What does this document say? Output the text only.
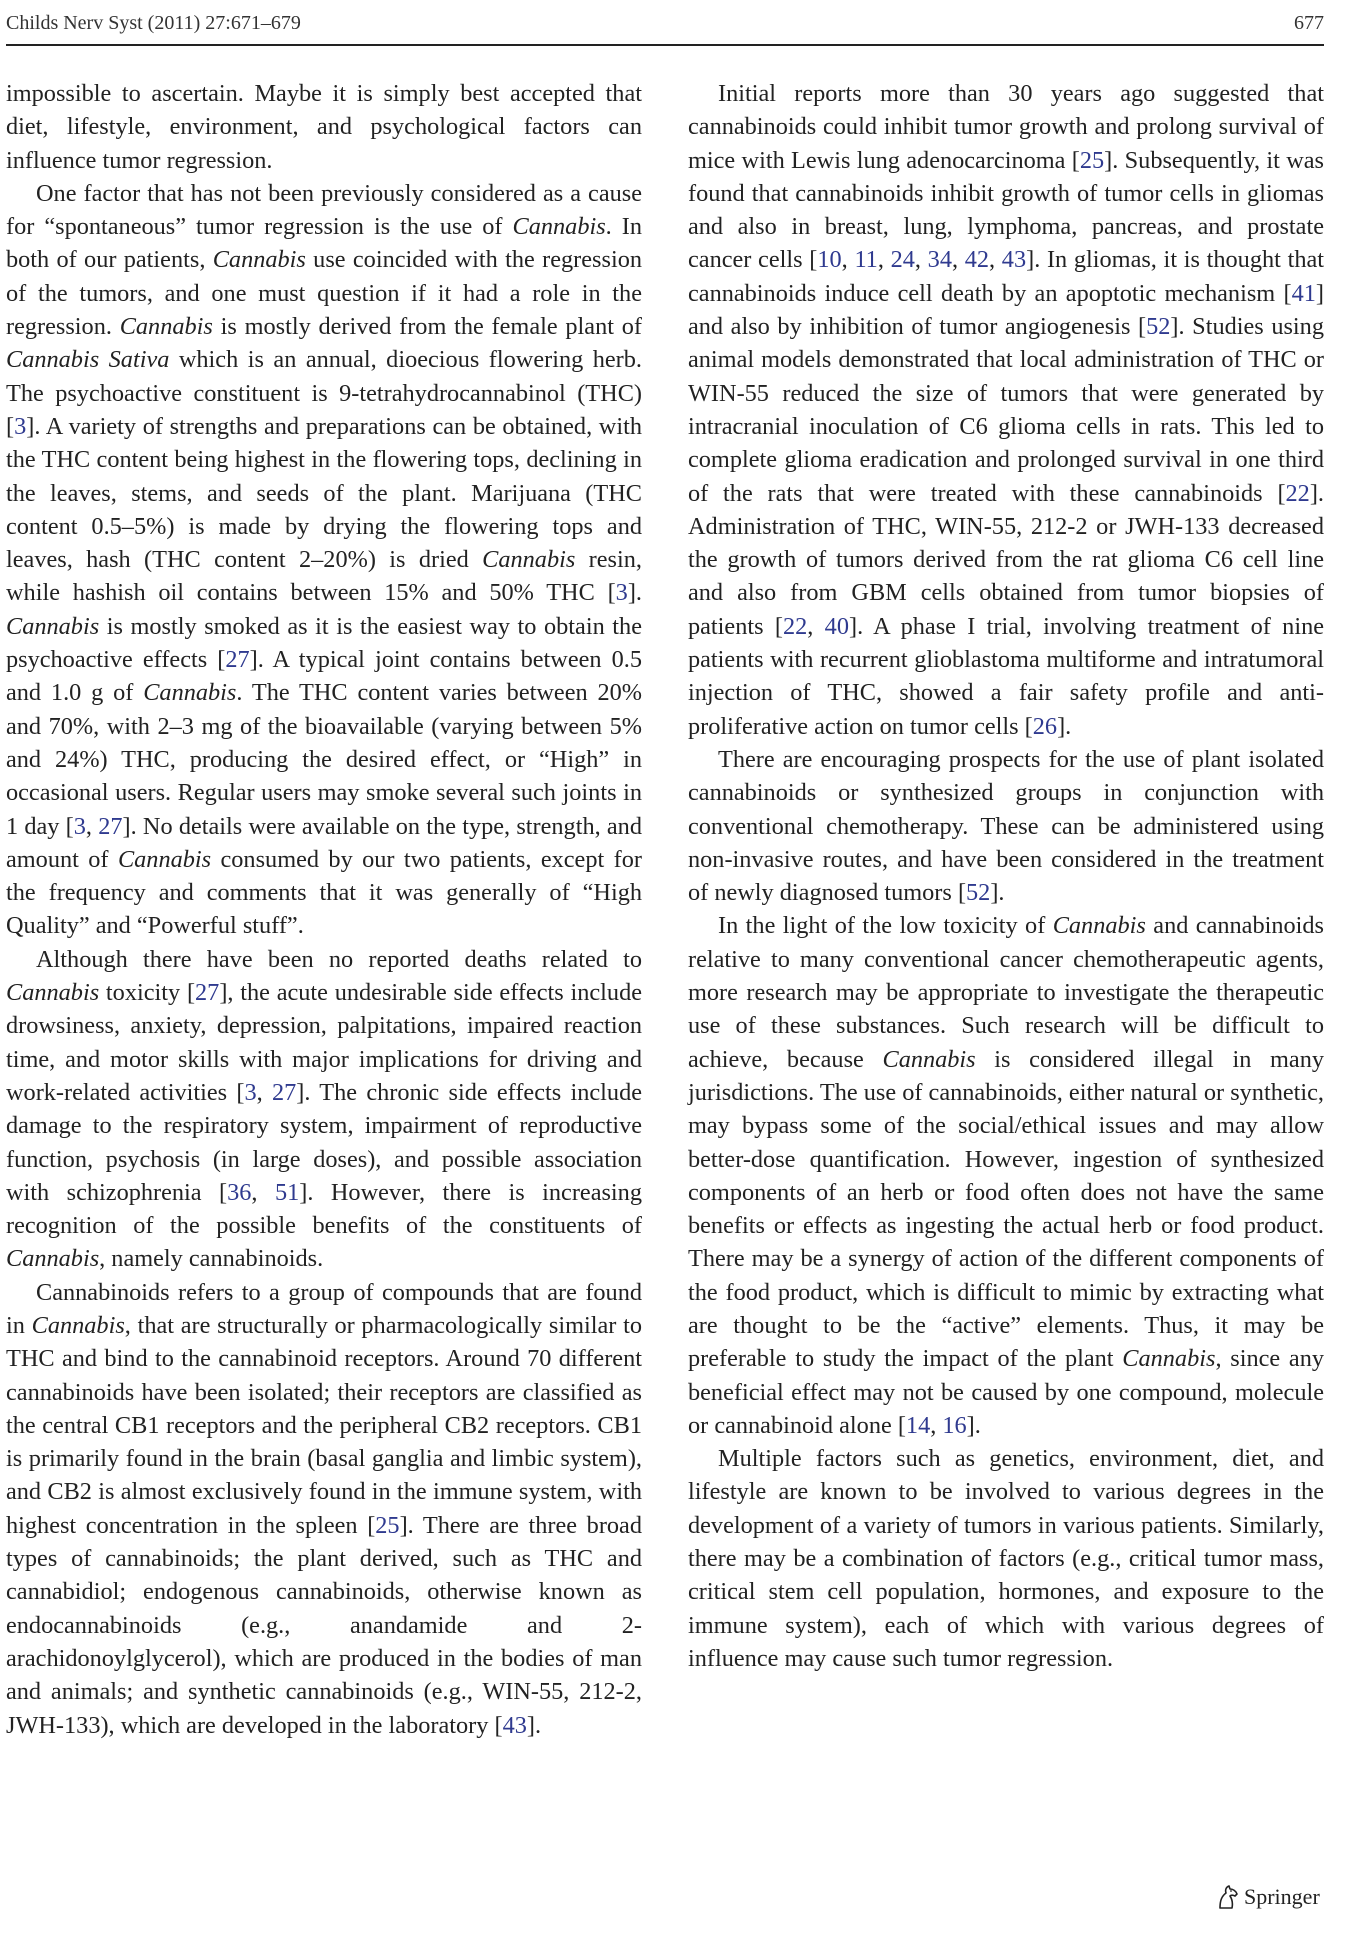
Childs Nerv Syst (2011) 27:671–679	677

impossible to ascertain. Maybe it is simply best accepted that diet, lifestyle, environment, and psychological factors can influence tumor regression.

One factor that has not been previously considered as a cause for “spontaneous” tumor regression is the use of Cannabis. In both of our patients, Cannabis use coincided with the regression of the tumors, and one must question if it had a role in the regression. Cannabis is mostly derived from the female plant of Cannabis Sativa which is an annual, dioecious flowering herb. The psychoactive constituent is 9-tetrahydrocannabinol (THC) [3]. A variety of strengths and preparations can be obtained, with the THC content being highest in the flowering tops, declining in the leaves, stems, and seeds of the plant. Marijuana (THC content 0.5–5%) is made by drying the flowering tops and leaves, hash (THC content 2–20%) is dried Cannabis resin, while hashish oil contains between 15% and 50% THC [3]. Cannabis is mostly smoked as it is the easiest way to obtain the psychoactive effects [27]. A typical joint contains between 0.5 and 1.0 g of Cannabis. The THC content varies between 20% and 70%, with 2–3 mg of the bioavailable (varying between 5% and 24%) THC, producing the desired effect, or “High” in occasional users. Regular users may smoke several such joints in 1 day [3, 27]. No details were available on the type, strength, and amount of Cannabis consumed by our two patients, except for the frequency and comments that it was generally of “High Quality” and “Powerful stuff”.

Although there have been no reported deaths related to Cannabis toxicity [27], the acute undesirable side effects include drowsiness, anxiety, depression, palpitations, impaired reaction time, and motor skills with major implications for driving and work-related activities [3, 27]. The chronic side effects include damage to the respiratory system, impairment of reproductive function, psychosis (in large doses), and possible association with schizophrenia [36, 51]. However, there is increasing recognition of the possible benefits of the constituents of Cannabis, namely cannabinoids.

Cannabinoids refers to a group of compounds that are found in Cannabis, that are structurally or pharmacologically similar to THC and bind to the cannabinoid receptors. Around 70 different cannabinoids have been isolated; their receptors are classified as the central CB1 receptors and the peripheral CB2 receptors. CB1 is primarily found in the brain (basal ganglia and limbic system), and CB2 is almost exclusively found in the immune system, with highest concentration in the spleen [25]. There are three broad types of cannabinoids; the plant derived, such as THC and cannabidiol; endogenous cannabinoids, otherwise known as endocannabinoids (e.g., anandamide and 2-arachidonoylglycerol), which are produced in the bodies of man and animals; and synthetic cannabinoids (e.g., WIN-55, 212-2, JWH-133), which are developed in the laboratory [43].

Initial reports more than 30 years ago suggested that cannabinoids could inhibit tumor growth and prolong survival of mice with Lewis lung adenocarcinoma [25]. Subsequently, it was found that cannabinoids inhibit growth of tumor cells in gliomas and also in breast, lung, lymphoma, pancreas, and prostate cancer cells [10, 11, 24, 34, 42, 43]. In gliomas, it is thought that cannabinoids induce cell death by an apoptotic mechanism [41] and also by inhibition of tumor angiogenesis [52]. Studies using animal models demonstrated that local administration of THC or WIN-55 reduced the size of tumors that were generated by intracranial inoculation of C6 glioma cells in rats. This led to complete glioma eradication and prolonged survival in one third of the rats that were treated with these cannabinoids [22]. Administration of THC, WIN-55, 212-2 or JWH-133 decreased the growth of tumors derived from the rat glioma C6 cell line and also from GBM cells obtained from tumor biopsies of patients [22, 40]. A phase I trial, involving treatment of nine patients with recurrent glioblastoma multiforme and intratumoral injection of THC, showed a fair safety profile and anti-proliferative action on tumor cells [26].

There are encouraging prospects for the use of plant isolated cannabinoids or synthesized groups in conjunction with conventional chemotherapy. These can be administered using non-invasive routes, and have been considered in the treatment of newly diagnosed tumors [52].

In the light of the low toxicity of Cannabis and cannabinoids relative to many conventional cancer chemotherapeutic agents, more research may be appropriate to investigate the therapeutic use of these substances. Such research will be difficult to achieve, because Cannabis is considered illegal in many jurisdictions. The use of cannabinoids, either natural or synthetic, may bypass some of the social/ethical issues and may allow better-dose quantification. However, ingestion of synthesized components of an herb or food often does not have the same benefits or effects as ingesting the actual herb or food product. There may be a synergy of action of the different components of the food product, which is difficult to mimic by extracting what are thought to be the “active” elements. Thus, it may be preferable to study the impact of the plant Cannabis, since any beneficial effect may not be caused by one compound, molecule or cannabinoid alone [14, 16].

Multiple factors such as genetics, environment, diet, and lifestyle are known to be involved to various degrees in the development of a variety of tumors in various patients. Similarly, there may be a combination of factors (e.g., critical tumor mass, critical stem cell population, hormones, and exposure to the immune system), each of which with various degrees of influence may cause such tumor regression.

Springer
